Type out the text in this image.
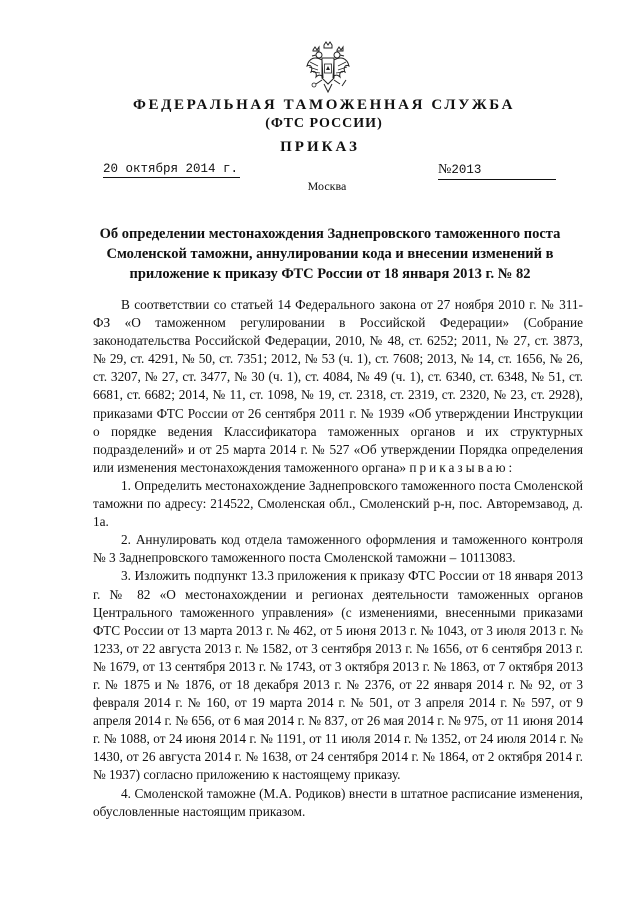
ФЕДЕРАЛЬНАЯ ТАМОЖЕННАЯ СЛУЖБА
(ФТС РОССИИ)
ПРИКАЗ
20 октября 2014 г.	№2013
Москва
Об определении местонахождения Заднепровского таможенного поста Смоленской таможни, аннулировании кода и внесении изменений в приложение к приказу ФТС России от 18 января 2013 г. № 82

В соответствии со статьей 14 Федерального закона от 27 ноября 2010 г. № 311-ФЗ «О таможенном регулировании в Российской Федерации» (Собрание законодательства Российской Федерации, 2010, № 48, ст. 6252; 2011, № 27, ст. 3873, № 29, ст. 4291, № 50, ст. 7351; 2012, № 53 (ч. 1), ст. 7608; 2013, № 14, ст. 1656, № 26, ст. 3207, № 27, ст. 3477, № 30 (ч. 1), ст. 4084, № 49 (ч. 1), ст. 6340, ст. 6348, № 51, ст. 6681, ст. 6682; 2014, № 11, ст. 1098, № 19, ст. 2318, ст. 2319, ст. 2320, № 23, ст. 2928), приказами ФТС России от 26 сентября 2011 г. № 1939 «Об утверждении Инструкции о порядке ведения Классификатора таможенных органов и их структурных подразделений» и от 25 марта 2014 г. № 527 «Об утверждении Порядка определения или изменения местонахождения таможенного органа» приказываю:

1. Определить местонахождение Заднепровского таможенного поста Смоленской таможни по адресу: 214522, Смоленская обл., Смоленский р-н, пос. Авторемзавод, д. 1а.

2. Аннулировать код отдела таможенного оформления и таможенного контроля № 3 Заднепровского таможенного поста Смоленской таможни – 10113083.

3. Изложить подпункт 13.3 приложения к приказу ФТС России от 18 января 2013 г. № 82 «О местонахождении и регионах деятельности таможенных органов Центрального таможенного управления» (с изменениями, внесенными приказами ФТС России от 13 марта 2013 г. № 462, от 5 июня 2013 г. № 1043, от 3 июля 2013 г. № 1233, от 22 августа 2013 г. № 1582, от 3 сентября 2013 г. № 1656, от 6 сентября 2013 г. № 1679, от 13 сентября 2013 г. № 1743, от 3 октября 2013 г. № 1863, от 7 октября 2013 г. № 1875 и № 1876, от 18 декабря 2013 г. № 2376, от 22 января 2014 г. № 92, от 3 февраля 2014 г. № 160, от 19 марта 2014 г. № 501, от 3 апреля 2014 г. № 597, от 9 апреля 2014 г. № 656, от 6 мая 2014 г. № 837, от 26 мая 2014 г. № 975, от 11 июня 2014 г. № 1088, от 24 июня 2014 г. № 1191, от 11 июля 2014 г. № 1352, от 24 июля 2014 г. № 1430, от 26 августа 2014 г. № 1638, от 24 сентября 2014 г. № 1864, от 2 октября 2014 г. № 1937) согласно приложению к настоящему приказу.

4. Смоленской таможне (М.А. Родиков) внести в штатное расписание изменения, обусловленные настоящим приказом.
